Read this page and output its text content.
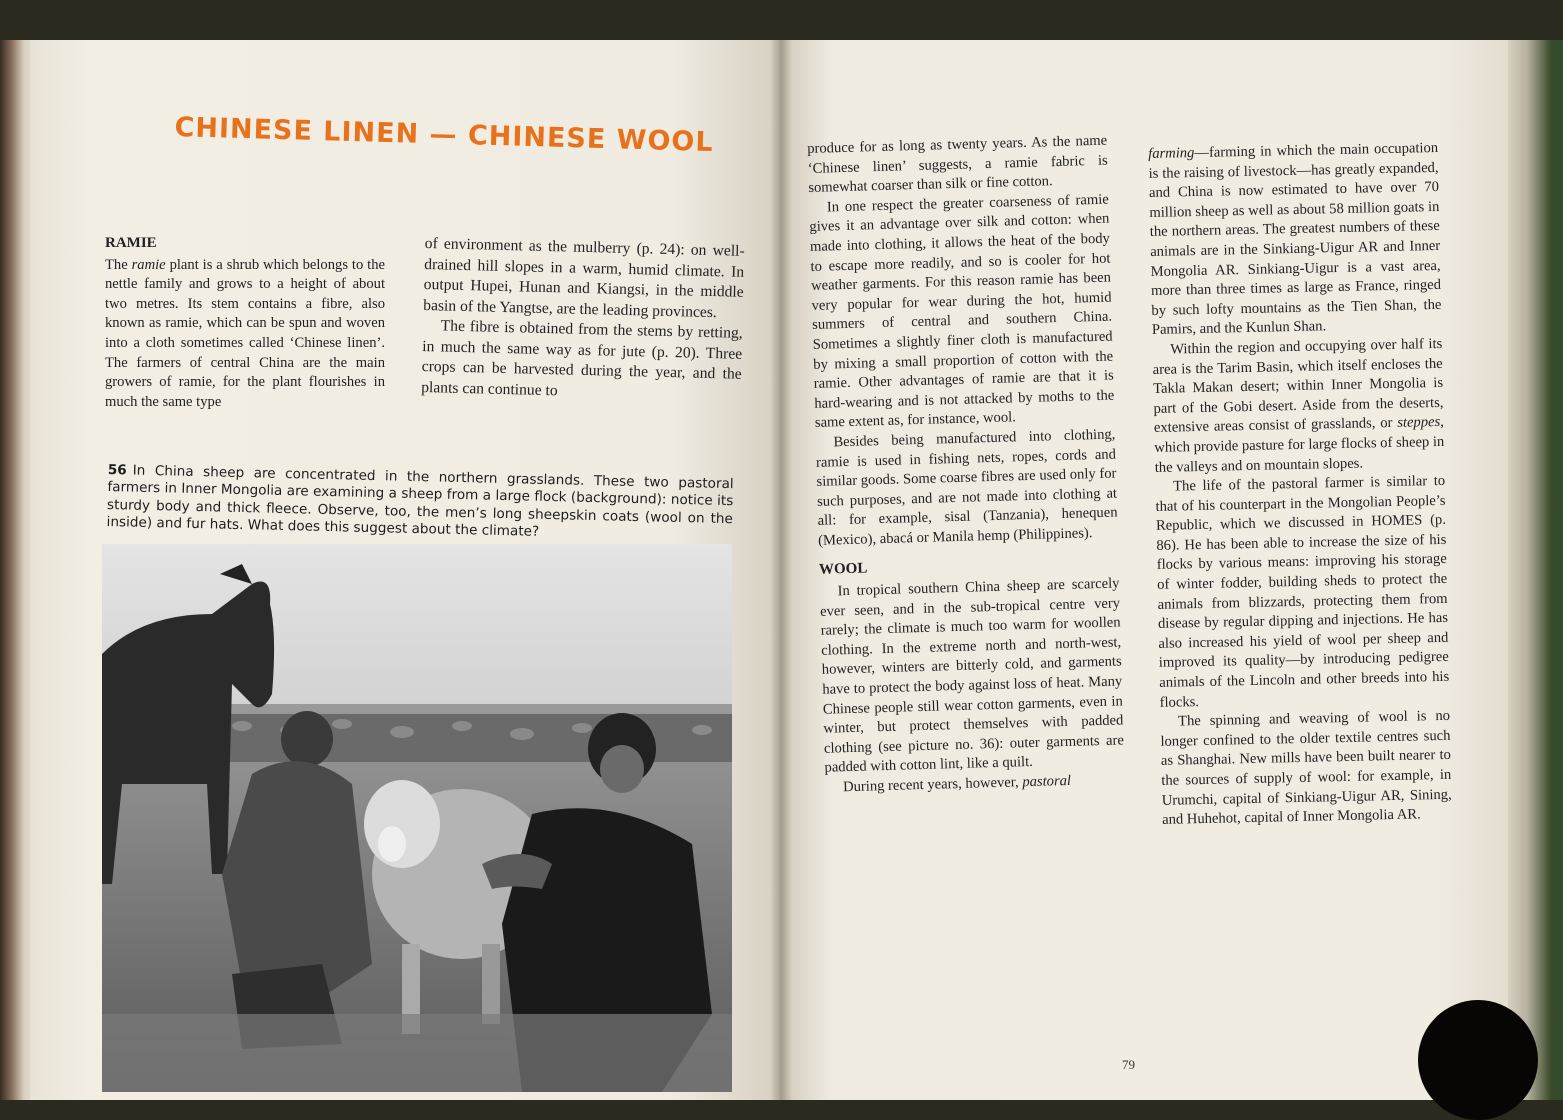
CHINESE LINEN — CHINESE WOOL
RAMIE

The ramie plant is a shrub which belongs to the nettle family and grows to a height of about two metres. Its stem contains a fibre, also known as ramie, which can be spun and woven into a cloth sometimes called ‘Chinese linen’. The farmers of central China are the main growers of ramie, for the plant flourishes in much the same type

of environment as the mulberry (p. 24): on well-drained hill slopes in a warm, humid climate. In output Hupei, Hunan and Kiangsi, in the middle basin of the Yangtse, are the leading provinces.

The fibre is obtained from the stems by retting, in much the same way as for jute (p. 20). Three crops can be harvested during the year, and the plants can continue to

56 In China sheep are concentrated in the northern grasslands. These two pastoral farmers in Inner Mongolia are examining a sheep from a large flock (background): notice its sturdy body and thick fleece. Observe, too, the men’s long sheepskin coats (wool on the inside) and fur hats. What does this suggest about the climate?

produce for as long as twenty years. As the name ‘Chinese linen’ suggests, a ramie fabric is somewhat coarser than silk or fine cotton.

In one respect the greater coarseness of ramie gives it an advantage over silk and cotton: when made into clothing, it allows the heat of the body to escape more readily, and so is cooler for hot weather garments. For this reason ramie has been very popular for wear during the hot, humid summers of central and southern China. Sometimes a slightly finer cloth is manufactured by mixing a small proportion of cotton with the ramie. Other advantages of ramie are that it is hard-wearing and is not attacked by moths to the same extent as, for instance, wool.

Besides being manufactured into clothing, ramie is used in fishing nets, ropes, cords and similar goods. Some coarse fibres are used only for such purposes, and are not made into clothing at all: for example, sisal (Tanzania), henequen (Mexico), abacá or Manila hemp (Philippines).

WOOL

In tropical southern China sheep are scarcely ever seen, and in the sub-tropical centre very rarely; the climate is much too warm for woollen clothing. In the extreme north and north-west, however, winters are bitterly cold, and garments have to protect the body against loss of heat. Many Chinese people still wear cotton garments, even in winter, but protect themselves with padded clothing (see picture no. 36): outer garments are padded with cotton lint, like a quilt.

During recent years, however, pastoral

farming—farming in which the main occupation is the raising of livestock—has greatly expanded, and China is now estimated to have over 70 million sheep as well as about 58 million goats in the northern areas. The greatest numbers of these animals are in the Sinkiang-Uigur AR and Inner Mongolia AR. Sinkiang-Uigur is a vast area, more than three times as large as France, ringed by such lofty mountains as the Tien Shan, the Pamirs, and the Kunlun Shan.

Within the region and occupying over half its area is the Tarim Basin, which itself encloses the Takla Makan desert; within Inner Mongolia is part of the Gobi desert. Aside from the deserts, extensive areas consist of grasslands, or steppes, which provide pasture for large flocks of sheep in the valleys and on mountain slopes.

The life of the pastoral farmer is similar to that of his counterpart in the Mongolian People’s Republic, which we discussed in HOMES (p. 86). He has been able to increase the size of his flocks by various means: improving his storage of winter fodder, building sheds to protect the animals from blizzards, protecting them from disease by regular dipping and injections. He has also increased his yield of wool per sheep and improved its quality—by introducing pedigree animals of the Lincoln and other breeds into his flocks.

The spinning and weaving of wool is no longer confined to the older textile centres such as Shanghai. New mills have been built nearer to the sources of supply of wool: for example, in Urumchi, capital of Sinkiang-Uigur AR, Sining, and Huhehot, capital of Inner Mongolia AR.

79
